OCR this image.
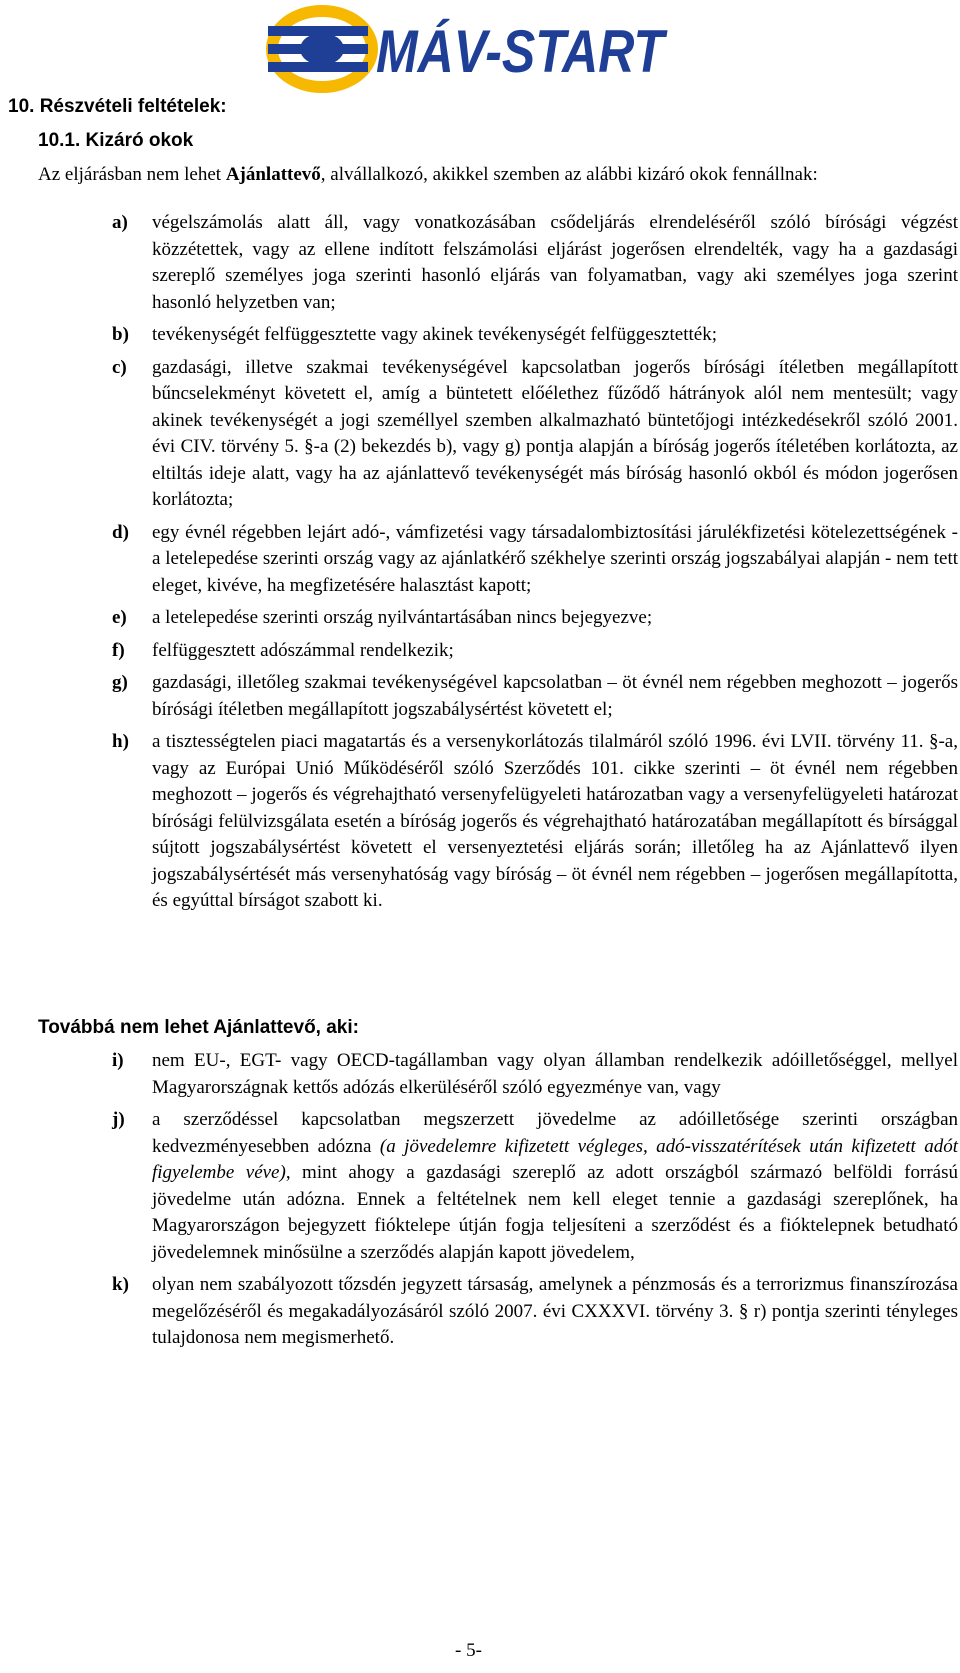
MÁV-START
10. Részvételi feltételek:
10.1. Kizáró okok
Az eljárásban nem lehet Ajánlattevő, alvállalkozó, akikkel szemben az alábbi kizáró okok fennállnak:
a) végelszámolás alatt áll, vagy vonatkozásában csődeljárás elrendeléséről szóló bírósági végzést közzétettek, vagy az ellene indított felszámolási eljárást jogerősen elrendelték, vagy ha a gazdasági szereplő személyes joga szerinti hasonló eljárás van folyamatban, vagy aki személyes joga szerint hasonló helyzetben van;
b) tevékenységét felfüggesztette vagy akinek tevékenységét felfüggesztették;
c) gazdasági, illetve szakmai tevékenységével kapcsolatban jogerős bírósági ítéletben megállapított bűncselekményt követett el, amíg a büntetett előélethez fűződő hátrányok alól nem mentesült; vagy akinek tevékenységét a jogi személlyel szemben alkalmazható büntetőjogi intézkedésekről szóló 2001. évi CIV. törvény 5. §-a (2) bekezdés b), vagy g) pontja alapján a bíróság jogerős ítéletében korlátozta, az eltiltás ideje alatt, vagy ha az ajánlattevő tevékenységét más bíróság hasonló okból és módon jogerősen korlátozta;
d) egy évnél régebben lejárt adó-, vámfizetési vagy társadalombiztosítási járulékfizetési kötelezettségének - a letelepedése szerinti ország vagy az ajánlatkérő székhelye szerinti ország jogszabályai alapján - nem tett eleget, kivéve, ha megfizetésére halasztást kapott;
e) a letelepedése szerinti ország nyilvántartásában nincs bejegyezve;
f) felfüggesztett adószámmal rendelkezik;
g) gazdasági, illetőleg szakmai tevékenységével kapcsolatban – öt évnél nem régebben meghozott – jogerős bírósági ítéletben megállapított jogszabálysértést követett el;
h) a tisztességtelen piaci magatartás és a versenykorlátozás tilalmáról szóló 1996. évi LVII. törvény 11. §-a, vagy az Európai Unió Működéséről szóló Szerződés 101. cikke szerinti – öt évnél nem régebben meghozott – jogerős és végrehajtható versenyfelügyeleti határozatban vagy a versenyfelügyeleti határozat bírósági felülvizsgálata esetén a bíróság jogerős és végrehajtható határozatában megállapított és bírsággal sújtott jogszabálysértést követett el versenyeztetési eljárás során; illetőleg ha az Ajánlattevő ilyen jogszabálysértését más versenyhatóság vagy bíróság – öt évnél nem régebben – jogerősen megállapította, és egyúttal bírságot szabott ki.
Továbbá nem lehet Ajánlattevő, aki:
i) nem EU-, EGT- vagy OECD-tagállamban vagy olyan államban rendelkezik adóilletőséggel, mellyel Magyarországnak kettős adózás elkerüléséről szóló egyezménye van, vagy
j) a szerződéssel kapcsolatban megszerzett jövedelme az adóilletősége szerinti országban kedvezményesebben adózna (a jövedelemre kifizetett végleges, adó-visszatérítések után kifizetett adót figyelembe véve), mint ahogy a gazdasági szereplő az adott országból származó belföldi forrású jövedelme után adózna. Ennek a feltételnek nem kell eleget tennie a gazdasági szereplőnek, ha Magyarországon bejegyzett fióktelepe útján fogja teljesíteni a szerződést és a fióktelepnek betudható jövedelemnek minősülne a szerződés alapján kapott jövedelem,
k) olyan nem szabályozott tőzsdén jegyzett társaság, amelynek a pénzmosás és a terrorizmus finanszírozása megelőzéséről és megakadályozásáról szóló 2007. évi CXXXVI. törvény 3. § r) pontja szerinti tényleges tulajdonosa nem megismerhető.
- 5-
